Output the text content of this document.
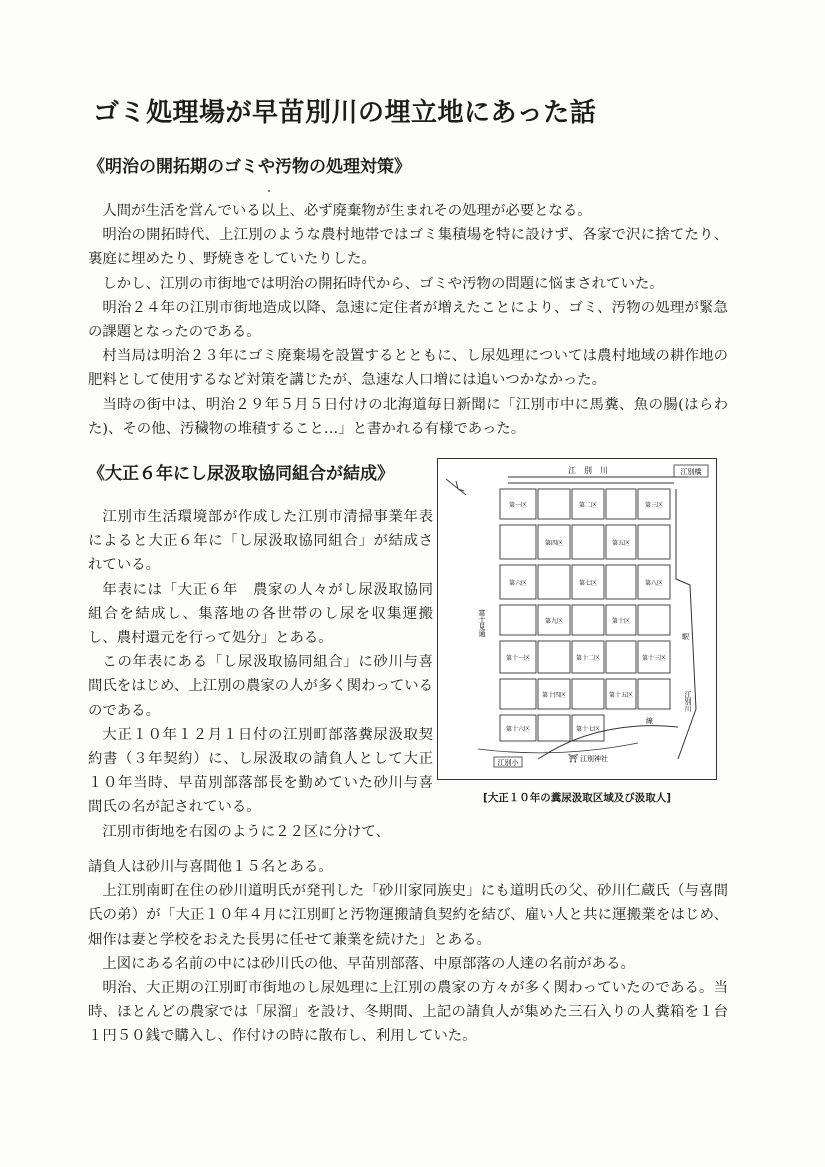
ゴミ処理場が早苗別川の埋立地にあった話
《明治の開拓期のゴミや汚物の処理対策》

人間が生活を営んでいる以上、必ず廃棄物が生まれその処理が必要となる。

明治の開拓時代、上江別のような農村地帯ではゴミ集積場を特に設けず、各家で沢に捨てたり、裏庭に埋めたり、野焼きをしていたりした。

しかし、江別の市街地では明治の開拓時代から、ゴミや汚物の問題に悩まされていた。

明治２４年の江別市街地造成以降、急速に定住者が増えたことにより、ゴミ、汚物の処理が緊急の課題となったのである。

村当局は明治２３年にゴミ廃棄場を設置するとともに、し尿処理については農村地域の耕作地の肥料として使用するなど対策を講じたが、急速な人口増には追いつかなかった。

当時の街中は、明治２９年５月５日付けの北海道毎日新聞に「江別市中に馬糞、魚の腸(はらわた)、その他、汚穢物の堆積すること…」と書かれる有様であった。

《大正６年にし尿汲取協同組合が結成》

江別市生活環境部が作成した江別市清掃事業年表によると大正６年に「し尿汲取協同組合」が結成されている。

年表には「大正６年　農家の人々がし尿汲取協同組合を結成し、集落地の各世帯のし尿を収集運搬し、農村還元を行って処分」とある。

この年表にある「し尿汲取協同組合」に砂川与喜間氏をはじめ、上江別の農家の人が多く関わっているのである。

大正１０年１２月１日付の江別町部落糞尿汲取契約書（３年契約）に、し尿汲取の請負人として大正１０年当時、早苗別部落部長を勤めていた砂川与喜間氏の名が記されている。

江別市街地を右図のように２２区に分けて、

請負人は砂川与喜間他１５名とある。

上江別南町在住の砂川道明氏が発刊した「砂川家同族史」にも道明氏の父、砂川仁蔵氏（与喜間氏の弟）が「大正１０年４月に江別町と汚物運搬請負契約を結び、雇い人と共に運搬業をはじめ、畑作は妻と学校をおえた長男に任せて兼業を続けた」とある。

上図にある名前の中には砂川氏の他、早苗別部落、中原部落の人達の名前がある。

明治、大正期の江別町市街地のし尿処理に上江別の農家の方々が多く関わっていたのである。当時、ほとんどの農家では「尿溜」を設け、冬期間、上記の請負人が集めた三石入りの人糞箱を１台１円５０銭で購入し、作付けの時に散布し、利用していた。

江　別　川	江別橋
富士見通
第一区	第二区	第三区
第四区	第五区
第六区	第七区	第八区
第九区	第十区
第十一区	第十二区	第十三区
第十四区	第十五区
第十六区	第十七区
駅
江別川
江別小	⛩ 江別神社
線
[大正１０年の糞尿汲取区域及び汲取人]
